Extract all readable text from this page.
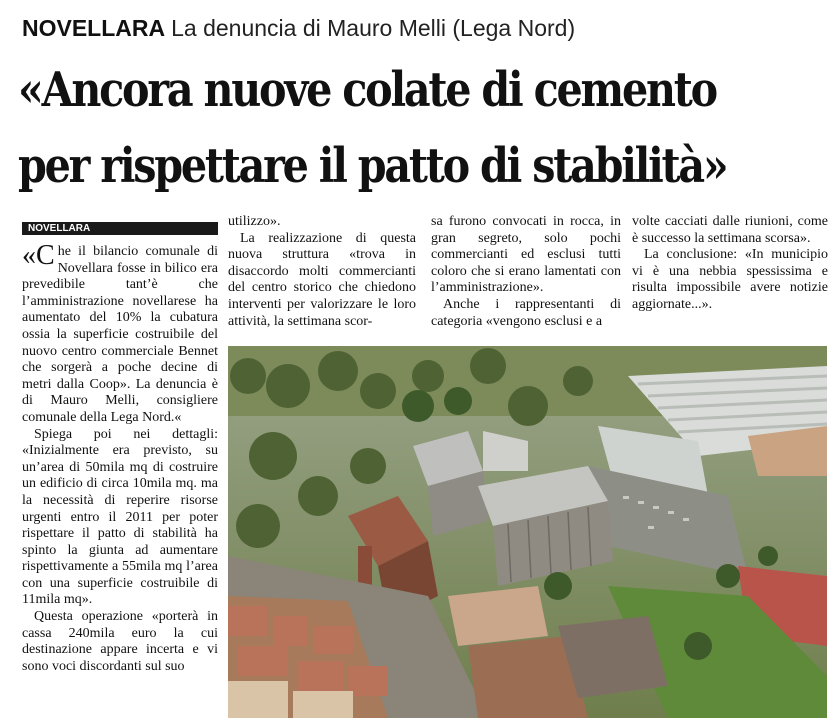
NOVELLARA La denuncia di Mauro Melli (Lega Nord)
«Ancora nuove colate di cemento
per rispettare il patto di stabilità»
NOVELLARA

«Che il bilancio comunale di Novellara fosse in bilico era prevedibile tant’è che l’amministrazione novellarese ha aumentato del 10% la cubatura ossia la superficie costruibile del nuovo centro commerciale Bennet che sorgerà a poche decine di metri dalla Coop». La denuncia è di Mauro Melli, consigliere comunale della Lega Nord.«

Spiega poi nei dettagli: «Inizialmente era previsto, su un’area di 50mila mq di costruire un edificio di circa 10mila mq. ma la necessità di reperire risorse urgenti entro il 2011 per poter rispettare il patto di stabilità ha spinto la giunta ad aumentare rispettivamente a 55mila mq l’area con una superficie costruibile di 11mila mq».

Questa operazione «porterà in cassa 240mila euro la cui destinazione appare incerta e vi sono voci discordanti sul suo

utilizzo».

La realizzazione di questa nuova struttura «trova in disaccordo molti commercianti del centro storico che chiedono interventi per valorizzare le loro attività, la settimana scor-

sa furono convocati in rocca, in gran segreto, solo pochi commercianti ed esclusi tutti coloro che si erano lamentati con l’amministrazione».

Anche i rappresentanti di categoria «vengono esclusi e a

volte cacciati dalle riunioni, come è successo la settimana scorsa».

La conclusione: «In municipio vi è una nebbia spessissima e risulta impossibile avere notizie aggiornate...».
